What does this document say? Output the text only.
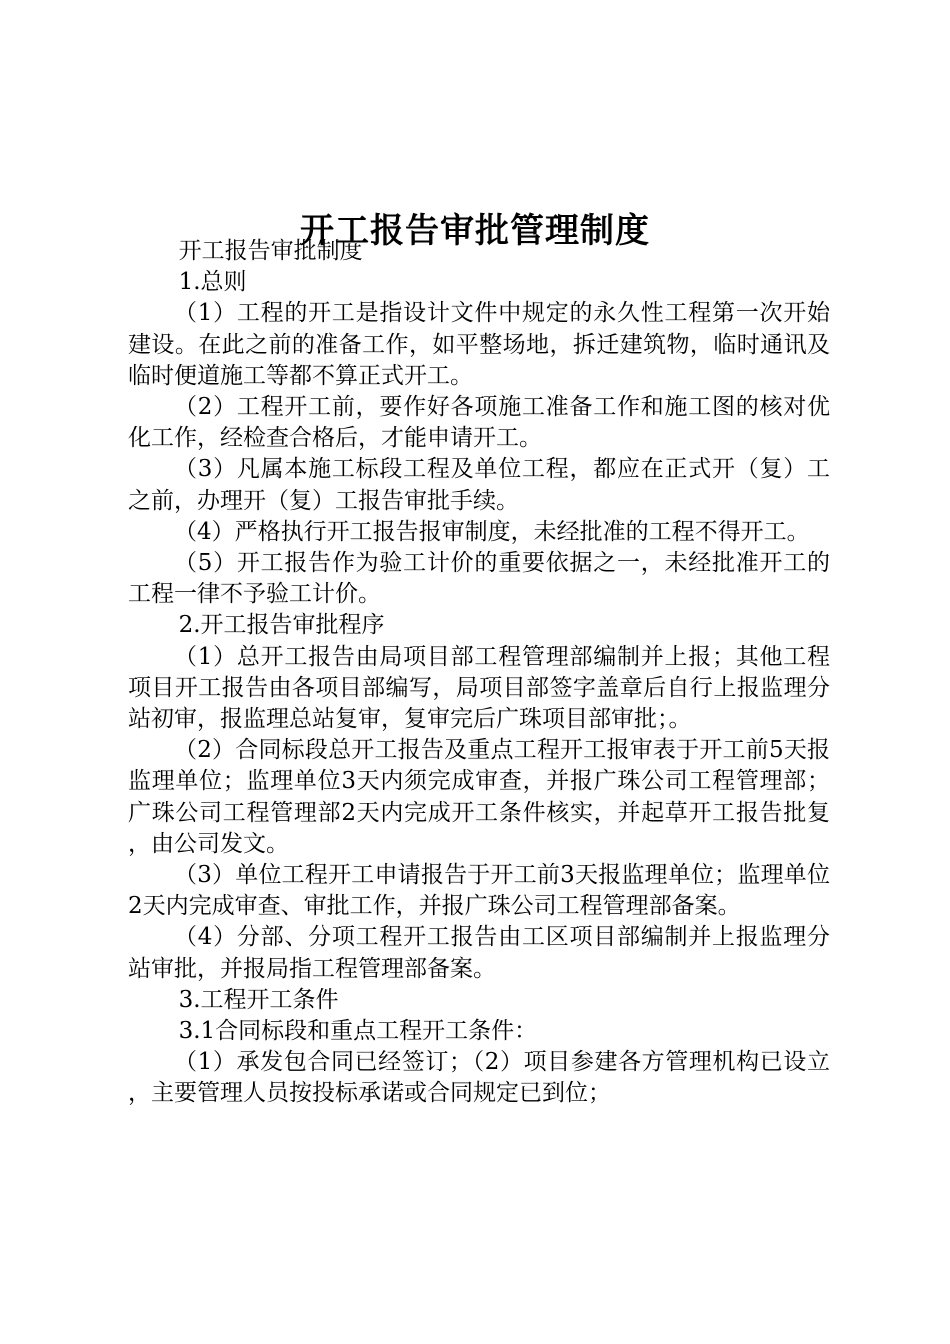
开工报告审批管理制度

开工报告审批制度

1.总则

（1）工程的开工是指设计文件中规定的永久性工程第一次开始建设。在此之前的准备工作，如平整场地，拆迁建筑物，临时通讯及临时便道施工等都不算正式开工。

（2）工程开工前，要作好各项施工准备工作和施工图的核对优化工作，经检查合格后，才能申请开工。

（3）凡属本施工标段工程及单位工程，都应在正式开（复）工之前，办理开（复）工报告审批手续。

（4）严格执行开工报告报审制度，未经批准的工程不得开工。

（5）开工报告作为验工计价的重要依据之一，未经批准开工的工程一律不予验工计价。

2.开工报告审批程序

（1）总开工报告由局项目部工程管理部编制并上报；其他工程项目开工报告由各项目部编写，局项目部签字盖章后自行上报监理分站初审，报监理总站复审，复审完后广珠项目部审批；。

（2）合同标段总开工报告及重点工程开工报审表于开工前5天报监理单位；监理单位3天内须完成审查，并报广珠公司工程管理部；广珠公司工程管理部2天内完成开工条件核实，并起草开工报告批复，由公司发文。

（3）单位工程开工申请报告于开工前3天报监理单位；监理单位2天内完成审查、审批工作，并报广珠公司工程管理部备案。

（4）分部、分项工程开工报告由工区项目部编制并上报监理分站审批，并报局指工程管理部备案。

3.工程开工条件

3.1合同标段和重点工程开工条件：

（1）承发包合同已经签订；（2）项目参建各方管理机构已设立，主要管理人员按投标承诺或合同规定已到位；
